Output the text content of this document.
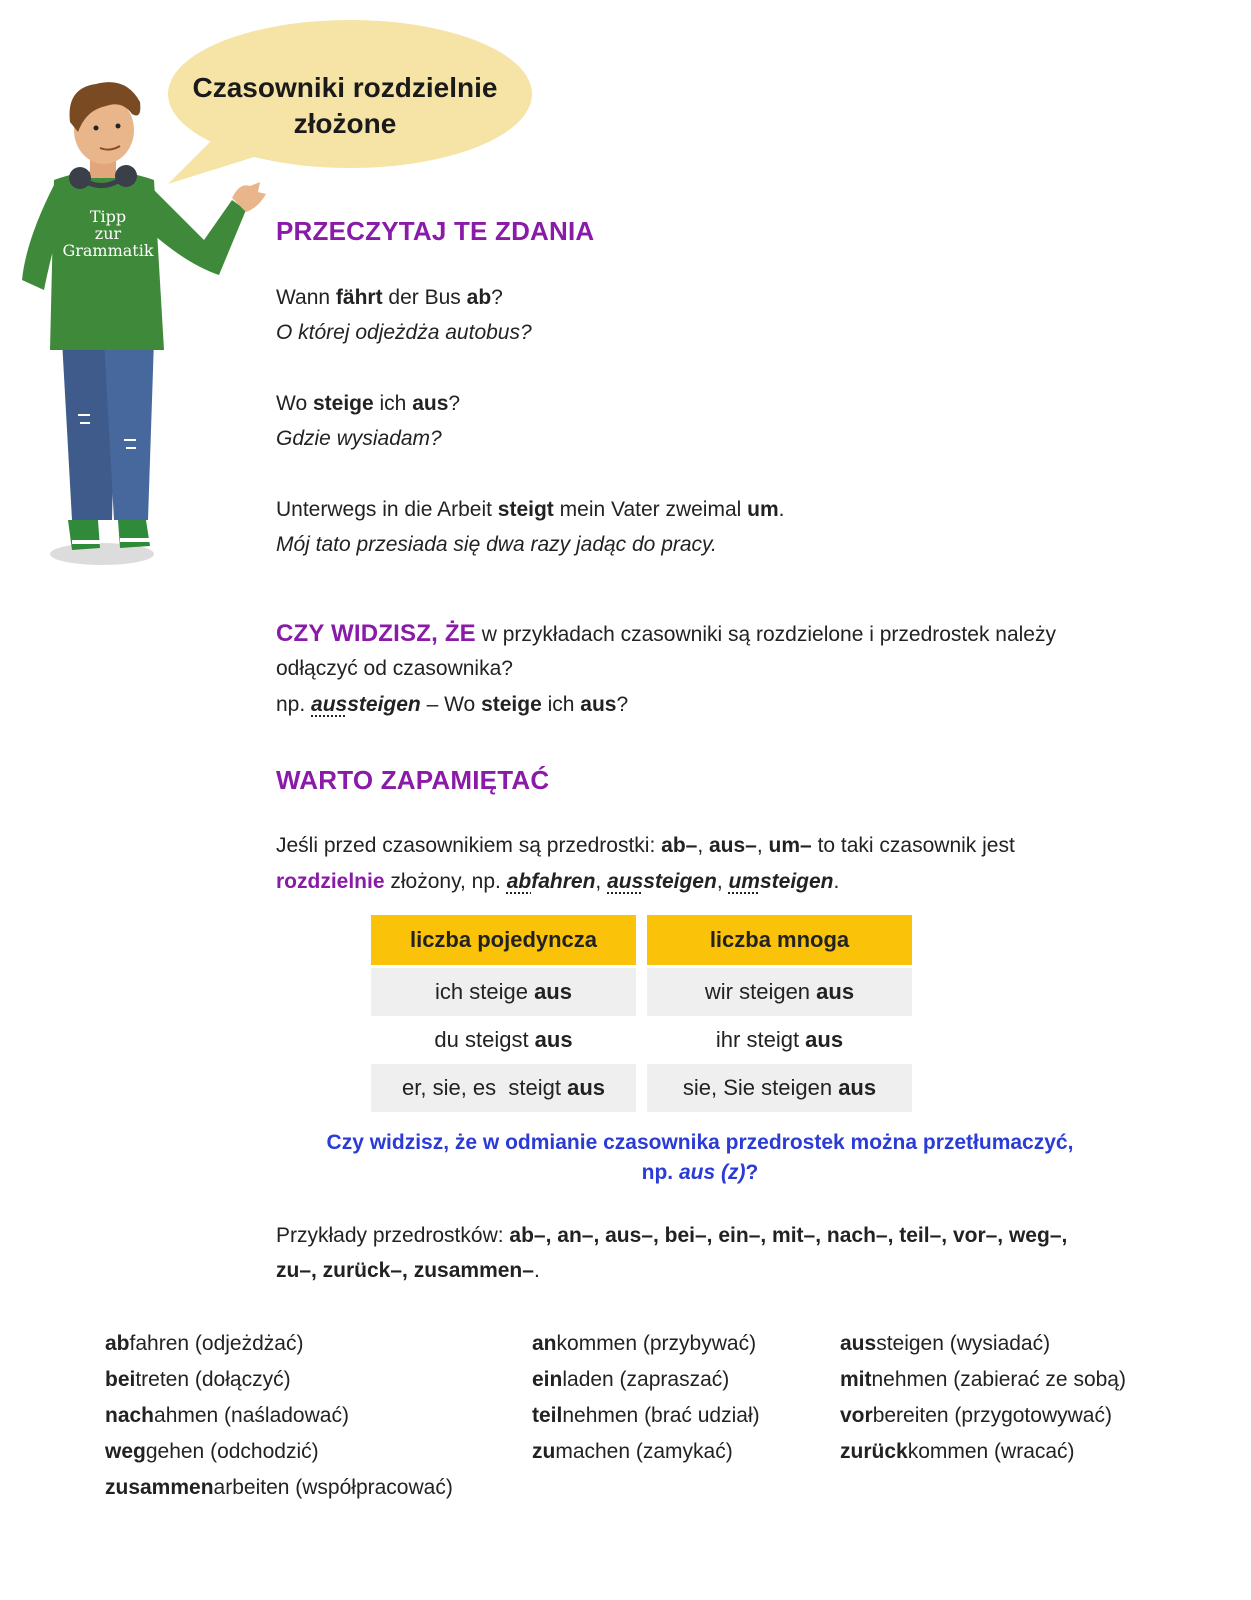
Czasowniki rozdzielnie
złożone
Tipp
zur
Grammatik
PRZECZYTAJ TE ZDANIA
Wann fährt der Bus ab?
O której odjeżdża autobus?
Wo steige ich aus?
Gdzie wysiadam?
Unterwegs in die Arbeit steigt mein Vater zweimal um.
Mój tato przesiada się dwa razy jadąc do pracy.
CZY WIDZISZ, ŻE w przykładach czasowniki są rozdzielone i przedrostek należy
odłączyć od czasownika?
np. aussteigen – Wo steige ich aus?
WARTO ZAPAMIĘTAĆ
Jeśli przed czasownikiem są przedrostki: ab–, aus–, um– to taki czasownik jest
rozdzielnie złożony, np. abfahren, aussteigen, umsteigen.
liczba pojedyncza	liczba mnoga
ich steige aus	wir steigen aus
du steigst aus	ihr steigt aus
er, sie, es  steigt aus	sie, Sie steigen aus
Czy widzisz, że w odmianie czasownika przedrostek można przetłumaczyć,
np. aus (z)?
Przykłady przedrostków: ab–, an–, aus–, bei–, ein–, mit–, nach–, teil–, vor–, weg–,
zu–, zurück–, zusammen–.
abfahren (odjeżdżać)
beitreten (dołączyć)
nachahmen (naśladować)
weggehen (odchodzić)
zusammenarbeiten (współpracować)
ankommen (przybywać)
einladen (zapraszać)
teilnehmen (brać udział)
zumachen (zamykać)
aussteigen (wysiadać)
mitnehmen (zabierać ze sobą)
vorbereiten (przygotowywać)
zurückkommen (wracać)
